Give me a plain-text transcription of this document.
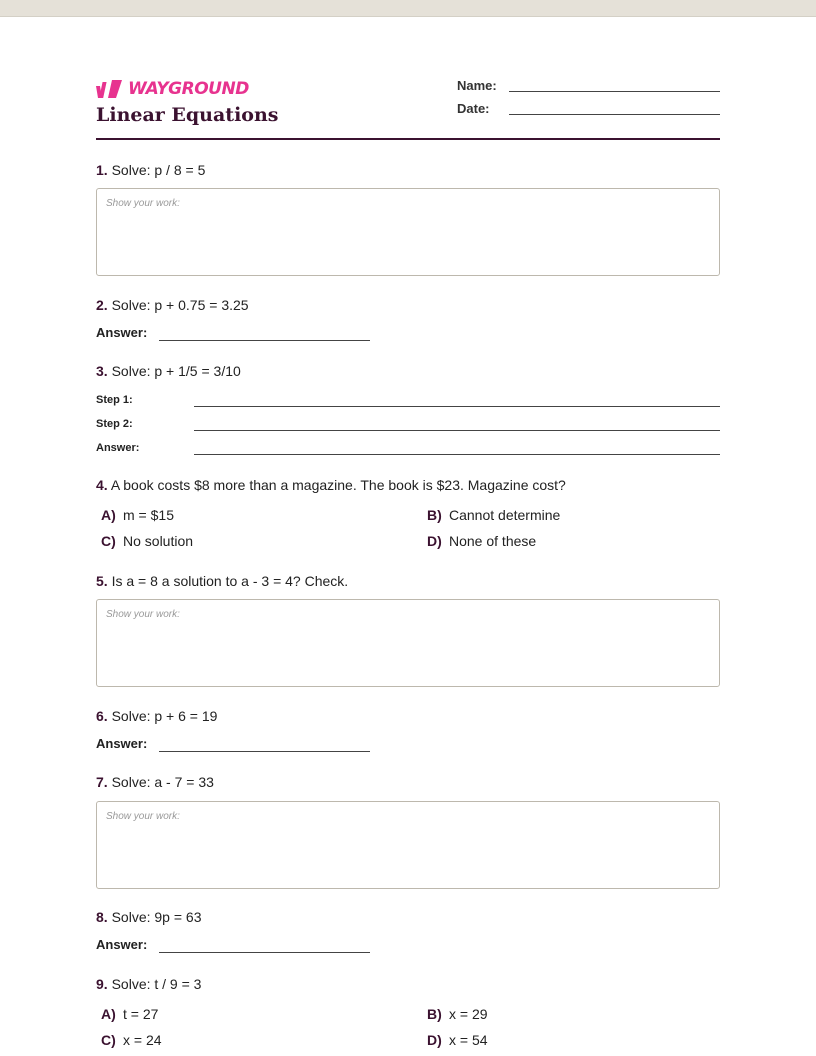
WAYGROUND
Linear Equations
Name:
Date:
1. Solve: p / 8 = 5
Show your work:
2. Solve: p + 0.75 = 3.25
Answer:
3. Solve: p + 1/5 = 3/10
Step 1:
Step 2:
Answer:
4. A book costs $8 more than a magazine. The book is $23. Magazine cost?
A) m = $15	B) Cannot determine
C) No solution	D) None of these
5. Is a = 8 a solution to a - 3 = 4? Check.
Show your work:
6. Solve: p + 6 = 19
Answer:
7. Solve: a - 7 = 33
Show your work:
8. Solve: 9p = 63
Answer:
9. Solve: t / 9 = 3
A) t = 27	B) x = 29
C) x = 24	D) x = 54
